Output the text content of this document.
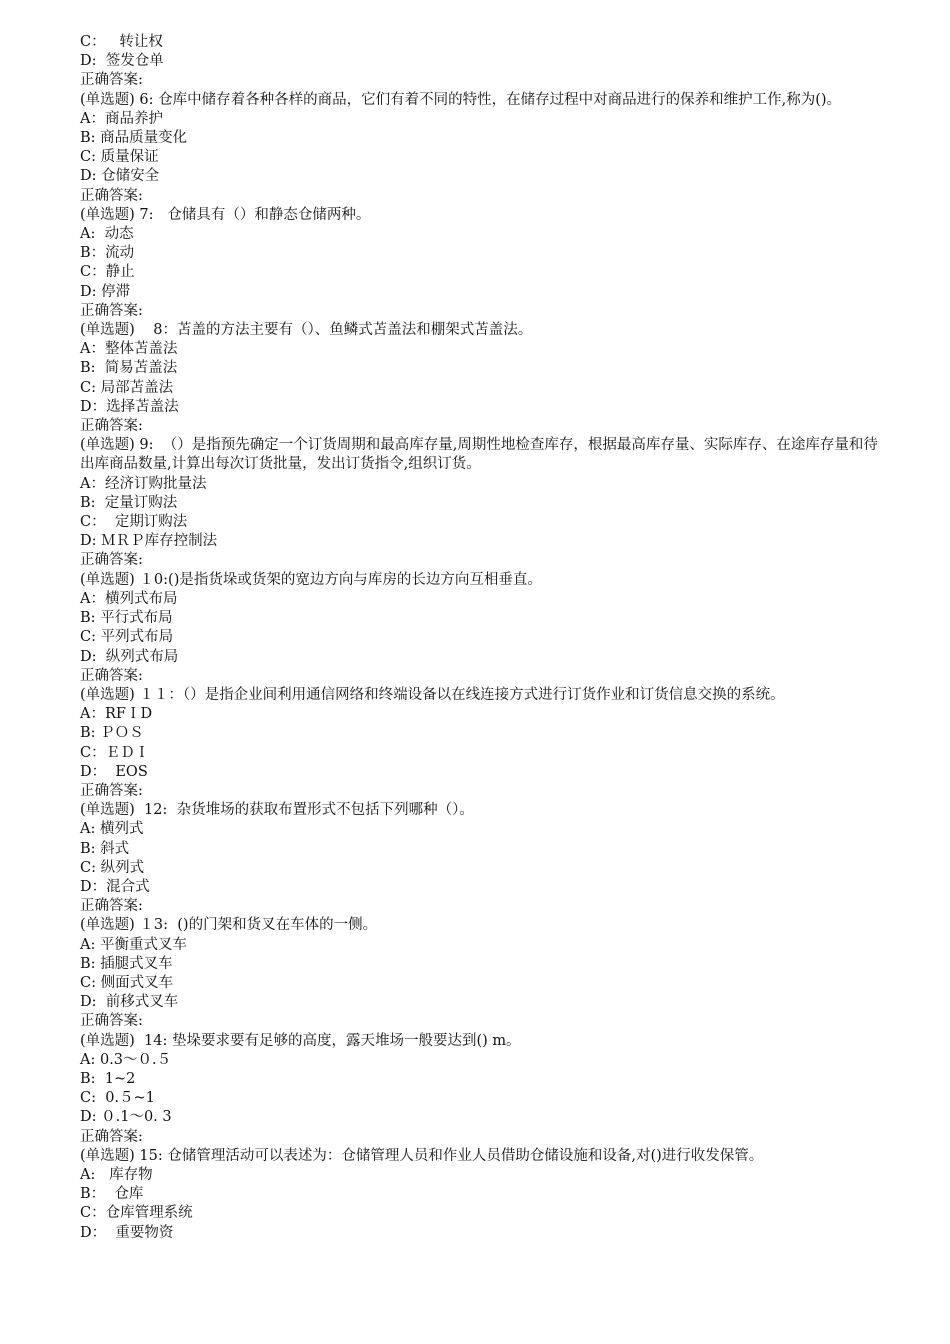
C：   转让权
D:  签发仓单
正确答案:
(单选题) 6: 仓库中储存着各种各样的商品，它们有着不同的特性，在储存过程中对商品进行的保养和维护工作,称为()。
A：商品养护
B: 商品质量变化
C: 质量保证
D: 仓储安全
正确答案:
(单选题) 7:   仓储具有（）和静态仓储两种。
A:  动态
B：流动
C：静止
D: 停滞
正确答案:
(单选题)    8：苫盖的方法主要有（）、鱼鳞式苫盖法和棚架式苫盖法。
A：整体苫盖法
B:  简易苫盖法
C: 局部苫盖法
D：选择苫盖法
正确答案:
(单选题) 9:  （）是指预先确定一个订货周期和最高库存量,周期性地检查库存，根据最高库存量、实际库存、在途库存量和待出库商品数量,计算出每次订货批量，发出订货指令,组织订货。
A：经济订购批量法
B:  定量订购法
C：  定期订购法
D: ＭＲＰ库存控制法
正确答案:
(单选题) １0:()是指货垛或货架的宽边方向与库房的长边方向互相垂直。
A：横列式布局
B: 平行式布局
C: 平列式布局
D:  纵列式布局
正确答案:
(单选题) １１：（）是指企业间利用通信网络和终端设备以在线连接方式进行订货作业和订货信息交换的系统。
A：RFＩD
B: ＰＯＳ
C：ＥＤＩ
D：  EOS
正确答案:
(单选题)  12:  杂货堆场的获取布置形式不包括下列哪种（）。
A: 横列式
B: 斜式
C: 纵列式
D：混合式
正确答案:
(单选题) １3:  ()的门架和货叉在车体的一侧。
A: 平衡重式叉车
B: 插腿式叉车
C: 侧面式叉车
D:  前移式叉车
正确答案:
(单选题)  14: 垫垛要求要有足够的高度，露天堆场一般要达到() m。
A: 0.3～０.５
B:  1~2
C:  0.５~1
D: ０.1～0. 3
正确答案:
(单选题) 15: 仓储管理活动可以表述为：仓储管理人员和作业人员借助仓储设施和设备,对()进行收发保管。
A:   库存物
B：  仓库
C：仓库管理系统
D：  重要物资
